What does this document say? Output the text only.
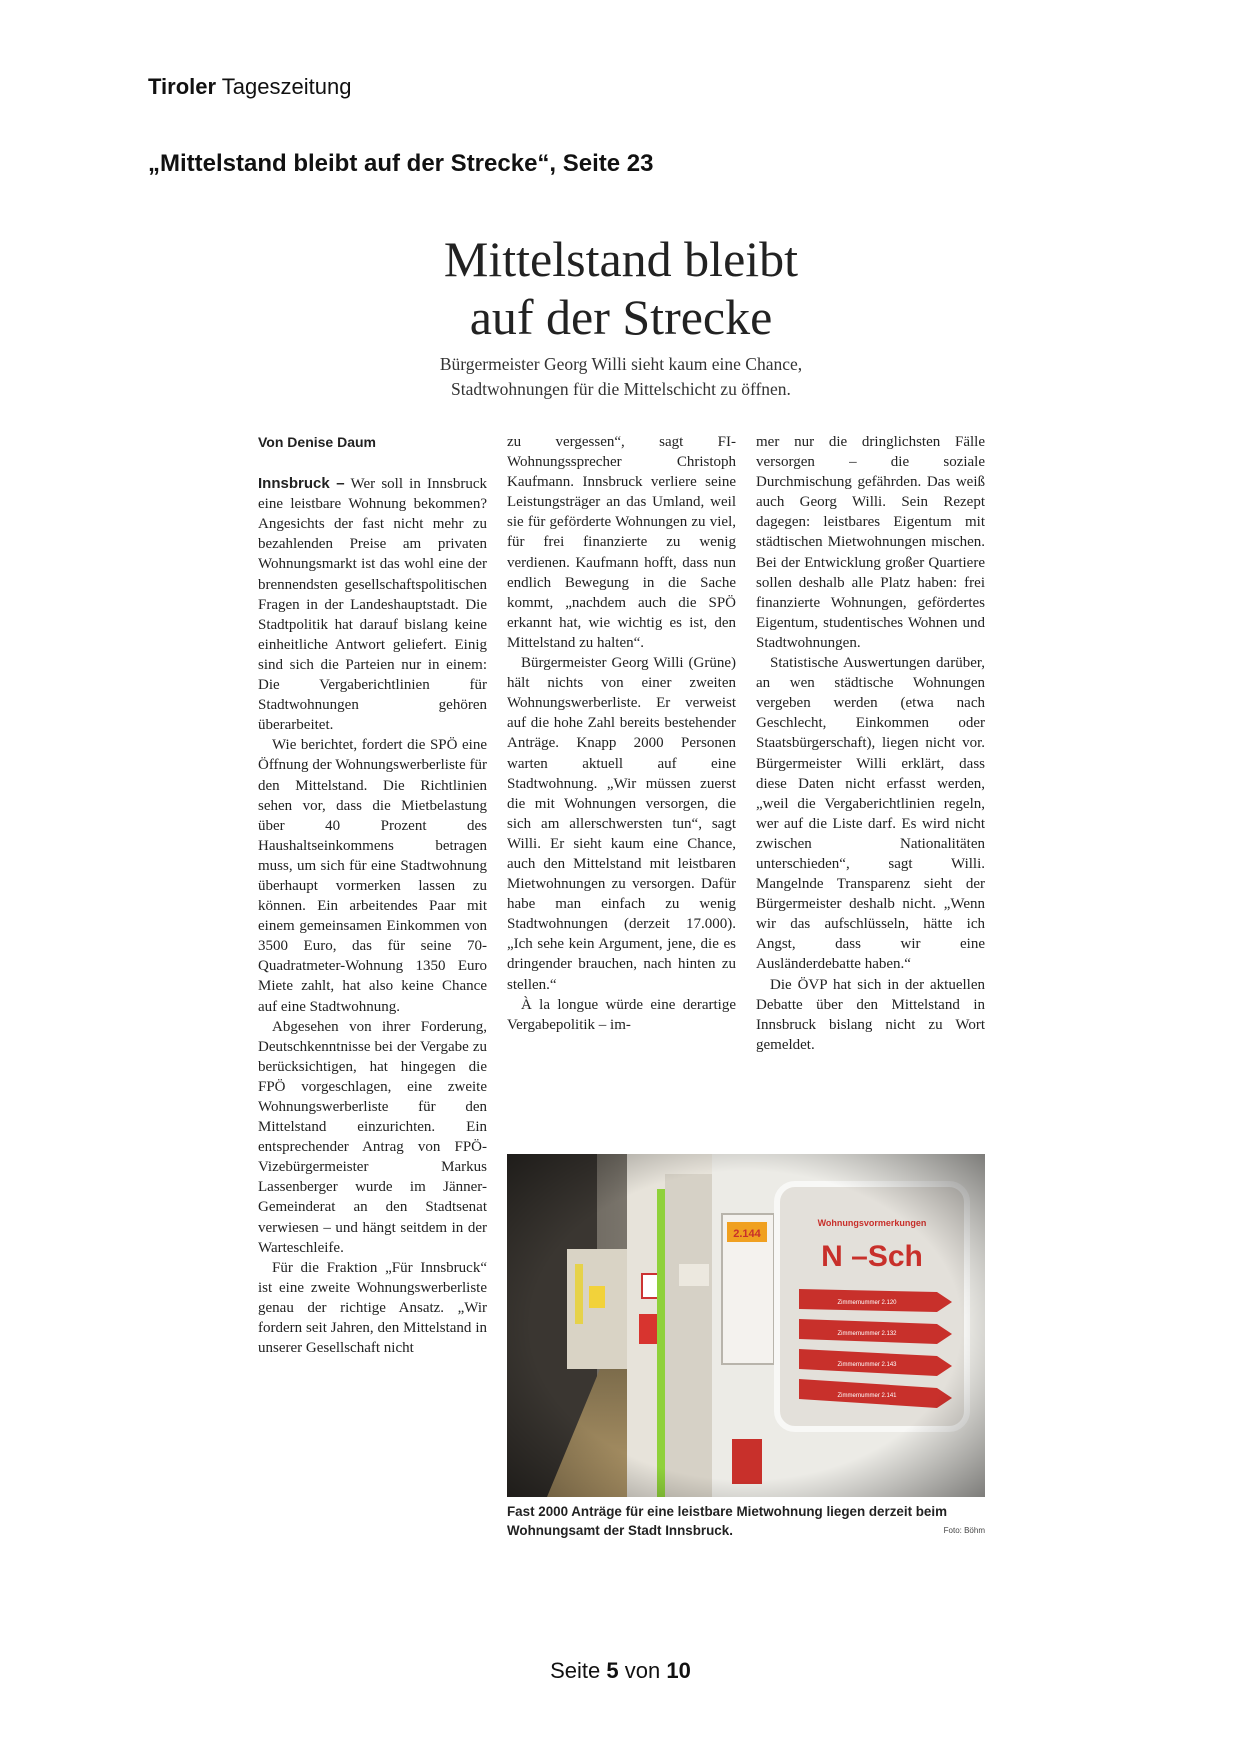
Tiroler Tageszeitung
„Mittelstand bleibt auf der Strecke“, Seite 23
Mittelstand bleibt
auf der Strecke
Bürgermeister Georg Willi sieht kaum eine Chance,
Stadtwohnungen für die Mittelschicht zu öffnen.
Von Denise Daum

Innsbruck – Wer soll in Innsbruck eine leistbare Wohnung bekommen? Angesichts der fast nicht mehr zu bezahlenden Preise am privaten Wohnungsmarkt ist das wohl eine der brennendsten gesellschaftspolitischen Fragen in der Landeshauptstadt. Die Stadtpolitik hat darauf bislang keine einheitliche Antwort geliefert. Einig sind sich die Parteien nur in einem: Die Vergaberichtlinien für Stadtwohnungen gehören überarbeitet.

Wie berichtet, fordert die SPÖ eine Öffnung der Wohnungswerberliste für den Mittelstand. Die Richtlinien sehen vor, dass die Mietbelastung über 40 Prozent des Haushaltseinkommens betragen muss, um sich für eine Stadtwohnung überhaupt vormerken lassen zu können. Ein arbeitendes Paar mit einem gemeinsamen Einkommen von 3500 Euro, das für seine 70-Quadratmeter-Wohnung 1350 Euro Miete zahlt, hat also keine Chance auf eine Stadtwohnung.

Abgesehen von ihrer Forderung, Deutschkenntnisse bei der Vergabe zu berücksichtigen, hat hingegen die FPÖ vorgeschlagen, eine zweite Wohnungswerberliste für den Mittelstand einzurichten. Ein entsprechender Antrag von FPÖ-Vizebürgermeister Markus Lassenberger wurde im Jänner-Gemeinderat an den Stadtsenat verwiesen – und hängt seitdem in der Warteschleife.

Für die Fraktion „Für Innsbruck“ ist eine zweite Wohnungswerberliste genau der richtige Ansatz. „Wir fordern seit Jahren, den Mittelstand in unserer Gesellschaft nicht

zu vergessen“, sagt FI-Wohnungssprecher Christoph Kaufmann. Innsbruck verliere seine Leistungsträger an das Umland, weil sie für geförderte Wohnungen zu viel, für frei finanzierte zu wenig verdienen. Kaufmann hofft, dass nun endlich Bewegung in die Sache kommt, „nachdem auch die SPÖ erkannt hat, wie wichtig es ist, den Mittelstand zu halten“.

Bürgermeister Georg Willi (Grüne) hält nichts von einer zweiten Wohnungswerberliste. Er verweist auf die hohe Zahl bereits bestehender Anträge. Knapp 2000 Personen warten aktuell auf eine Stadtwohnung. „Wir müssen zuerst die mit Wohnungen versorgen, die sich am allerschwersten tun“, sagt Willi. Er sieht kaum eine Chance, auch den Mittelstand mit leistbaren Mietwohnungen zu versorgen. Dafür habe man einfach zu wenig Stadtwohnungen (derzeit 17.000). „Ich sehe kein Argument, jene, die es dringender brauchen, nach hinten zu stellen.“

À la longue würde eine derartige Vergabepolitik – im-

mer nur die dringlichsten Fälle versorgen – die soziale Durchmischung gefährden. Das weiß auch Georg Willi. Sein Rezept dagegen: leistbares Eigentum mit städtischen Mietwohnungen mischen. Bei der Entwicklung großer Quartiere sollen deshalb alle Platz haben: frei finanzierte Wohnungen, gefördertes Eigentum, studentisches Wohnen und Stadtwohnungen.

Statistische Auswertungen darüber, an wen städtische Wohnungen vergeben werden (etwa nach Geschlecht, Einkommen oder Staatsbürgerschaft), liegen nicht vor. Bürgermeister Willi erklärt, dass diese Daten nicht erfasst werden, „weil die Vergaberichtlinien regeln, wer auf die Liste darf. Es wird nicht zwischen Nationalitäten unterschieden“, sagt Willi. Mangelnde Transparenz sieht der Bürgermeister deshalb nicht. „Wenn wir das aufschlüsseln, hätte ich Angst, dass wir eine Ausländerdebatte haben.“

Die ÖVP hat sich in der aktuellen Debatte über den Mittelstand in Innsbruck bislang nicht zu Wort gemeldet.

Fast 2000 Anträge für eine leistbare Mietwohnung liegen derzeit beim Wohnungsamt der Stadt Innsbruck.	Foto: Böhm
Seite 5 von 10
